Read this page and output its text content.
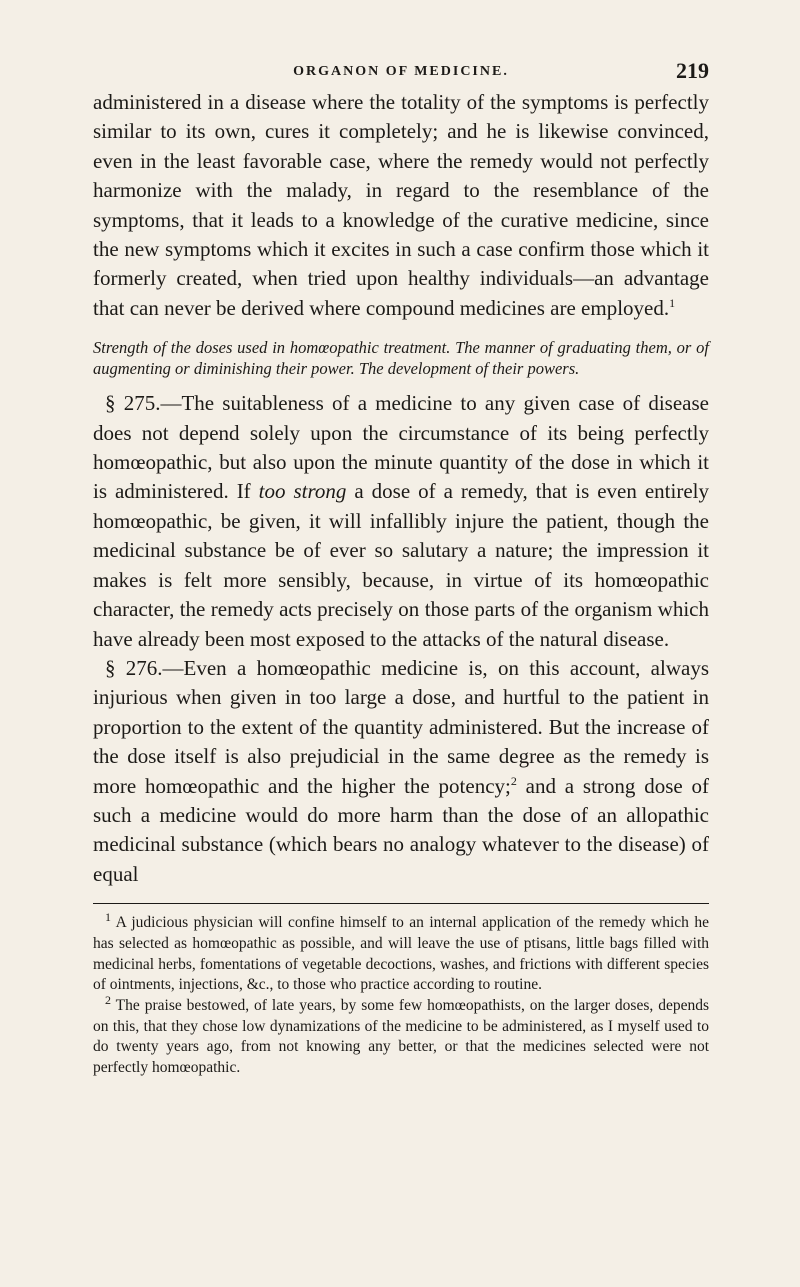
ORGANON OF MEDICINE.	219

administered in a disease where the totality of the symptoms is perfectly similar to its own, cures it completely; and he is likewise convinced, even in the least favorable case, where the remedy would not perfectly harmonize with the malady, in regard to the resemblance of the symptoms, that it leads to a knowledge of the curative medicine, since the new symptoms which it excites in such a case confirm those which it formerly created, when tried upon healthy individuals—an advantage that can never be derived where compound medicines are employed.$^1$

Strength of the doses used in homœopathic treatment. The manner of graduating them, or of augmenting or diminishing their power. The development of their powers.

§ 275.—The suitableness of a medicine to any given case of disease does not depend solely upon the circumstance of its being perfectly homœopathic, but also upon the minute quantity of the dose in which it is administered. If too strong a dose of a remedy, that is even entirely homœopathic, be given, it will infallibly injure the patient, though the medicinal substance be of ever so salutary a nature; the impression it makes is felt more sensibly, because, in virtue of its homœopathic character, the remedy acts precisely on those parts of the organism which have already been most exposed to the attacks of the natural disease.

§ 276.—Even a homœopathic medicine is, on this account, always injurious when given in too large a dose, and hurtful to the patient in proportion to the extent of the quantity administered. But the increase of the dose itself is also prejudicial in the same degree as the remedy is more homœopathic and the higher the potency;$^2$ and a strong dose of such a medicine would do more harm than the dose of an allopathic medicinal substance (which bears no analogy whatever to the disease) of equal

$^1$ A judicious physician will confine himself to an internal application of the remedy which he has selected as homœopathic as possible, and will leave the use of ptisans, little bags filled with medicinal herbs, fomentations of vegetable decoctions, washes, and frictions with different species of ointments, injections, &c., to those who practice according to routine.

$^2$ The praise bestowed, of late years, by some few homœopathists, on the larger doses, depends on this, that they chose low dynamizations of the medicine to be administered, as I myself used to do twenty years ago, from not knowing any better, or that the medicines selected were not perfectly homœopathic.
